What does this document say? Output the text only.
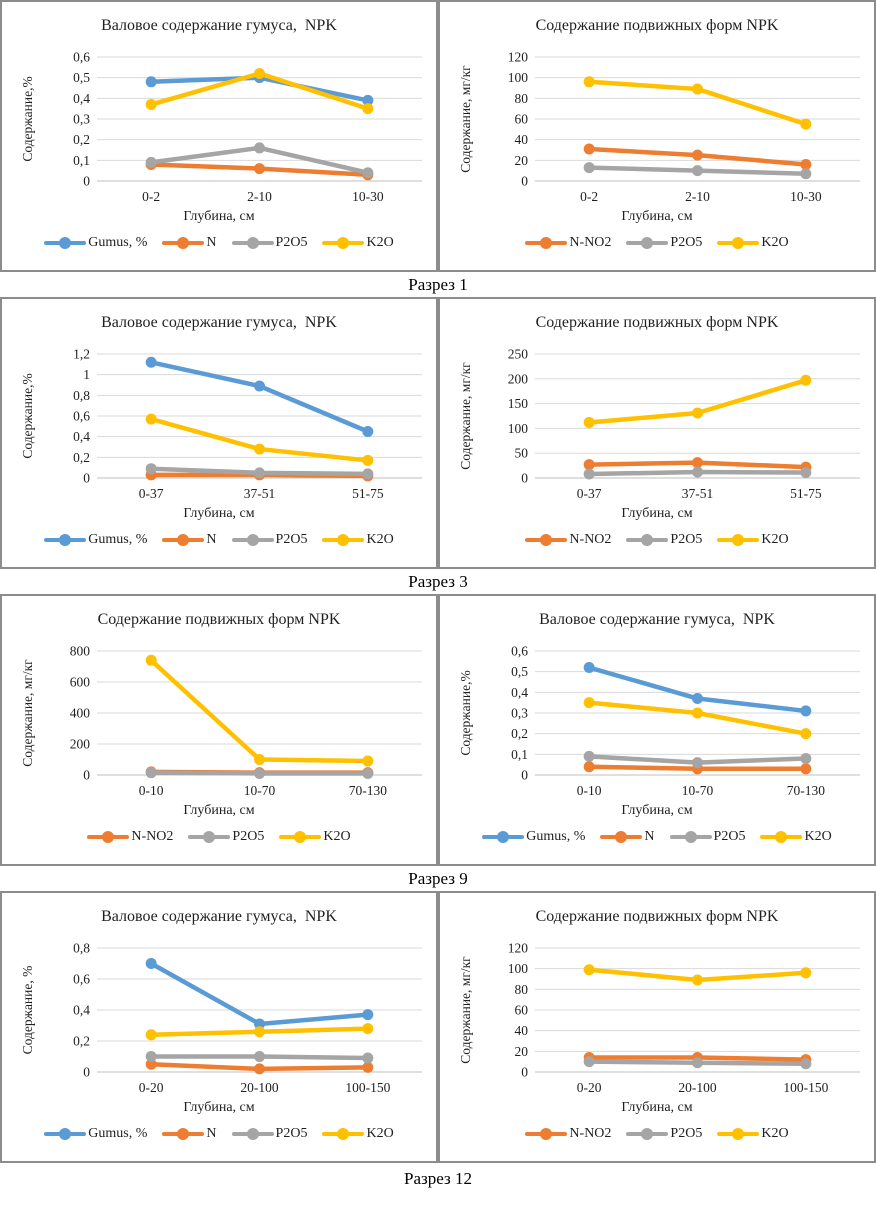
Валовое содержание гумуса,  NPK
0
0,1
0,2
0,3
0,4
0,5
0,6
Содержание,%
0-2	2-10	10-30
Глубина, см
Gumus, %	N	P2O5	K2O
Содержание подвижных форм NPK
0
20
40
60
80
100
120
Содержание, мг/кг
0-2	2-10	10-30
Глубина, см
N-NO2	P2O5	K2O
Разрез 1
Валовое содержание гумуса,  NPK
0
0,2
0,4
0,6
0,8
1
1,2
Содержание,%
0-37	37-51	51-75
Глубина, см
Gumus, %	N	P2O5	K2O
Содержание подвижных форм NPK
0
50
100
150
200
250
Содержание, мг/кг
0-37	37-51	51-75
Глубина, см
N-NO2	P2O5	K2O
Разрез 3
Содержание подвижных форм NPK
0
200
400
600
800
Содержание, мг/кг
0-10	10-70	70-130
Глубина, см
N-NO2	P2O5	K2O
Валовое содержание гумуса,  NPK
0
0,1
0,2
0,3
0,4
0,5
0,6
Содержание,%
0-10	10-70	70-130
Глубина, см
Gumus, %	N	P2O5	K2O
Разрез 9
Валовое содержание гумуса,  NPK
0
0,2
0,4
0,6
0,8
Содержание, %
0-20	20-100	100-150
Глубина, см
Gumus, %	N	P2O5	K2O
Содержание подвижных форм NPK
0
20
40
60
80
100
120
Содержание, мг/кг
0-20	20-100	100-150
Глубина, см
N-NO2	P2O5	K2O
Разрез 12
